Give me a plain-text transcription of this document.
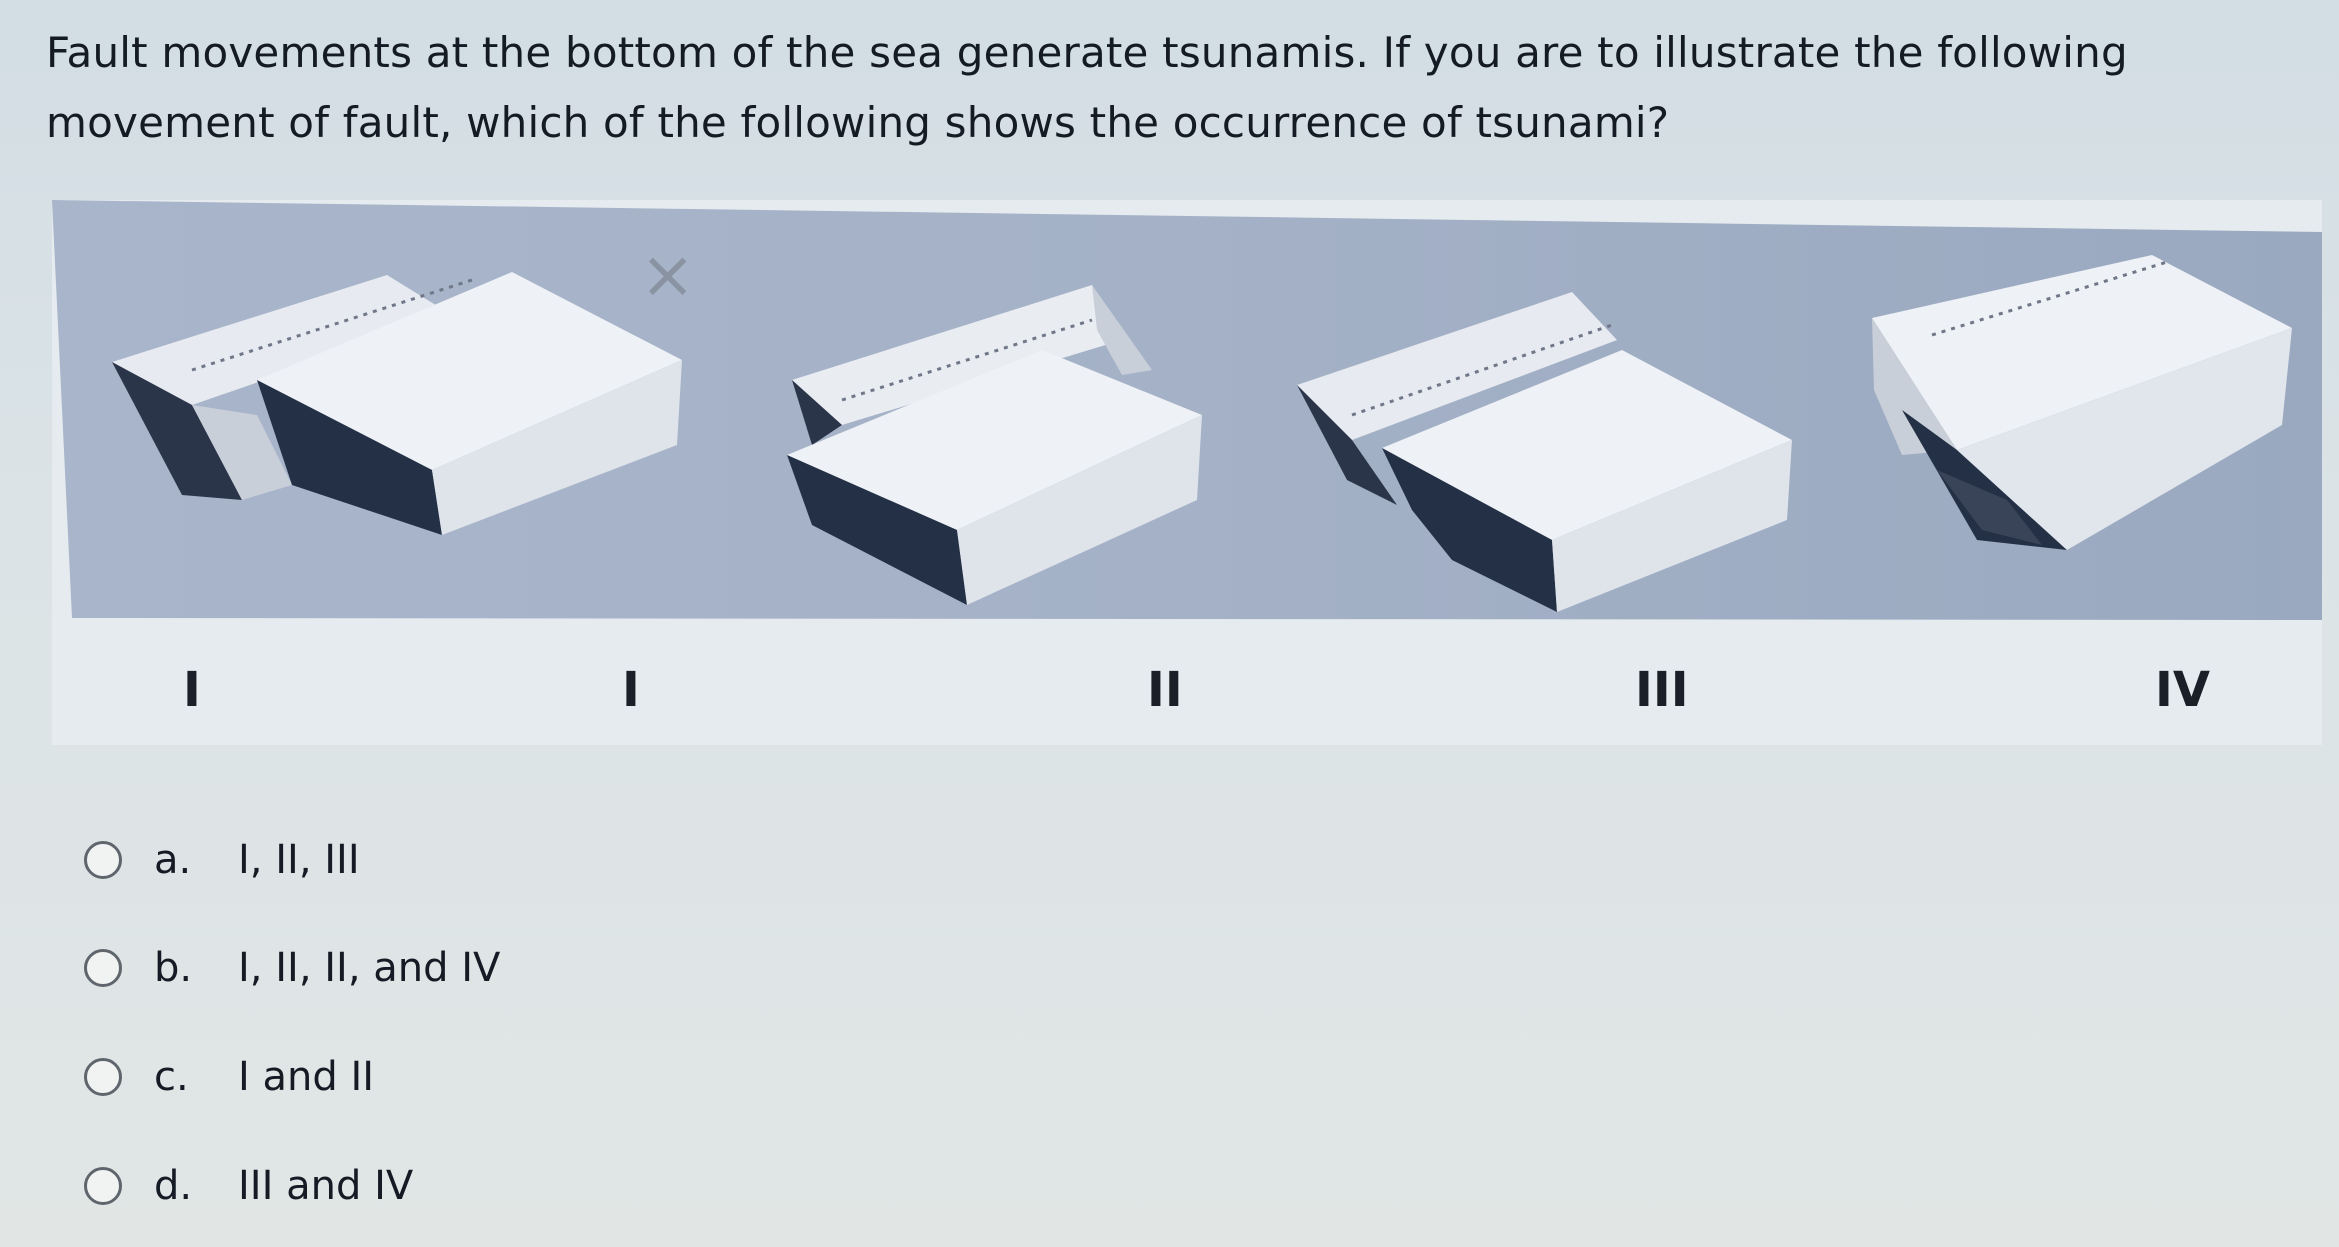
Fault movements at the bottom of the sea generate tsunamis. If you are to illustrate the following movement of fault, which of the following shows the occurrence of tsunami?
×
I	I	II	III	IV
a.	I, II, III
b.	I, II, II, and IV
c.	I and II
d.	III and IV
